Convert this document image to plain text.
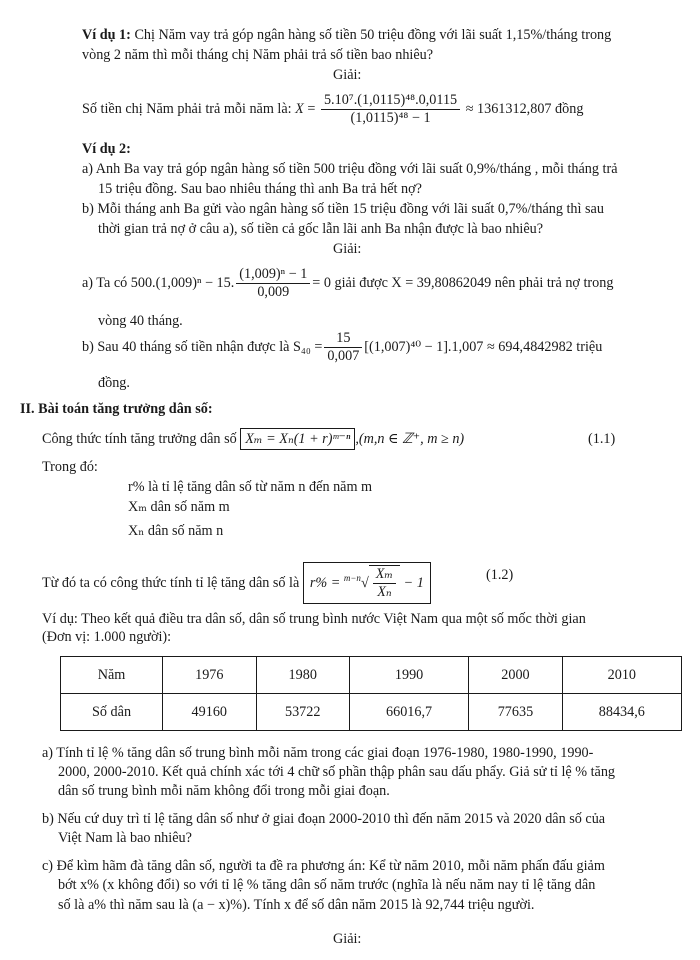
Ví dụ 1: Chị Năm vay trả góp ngân hàng số tiền 50 triệu đồng với lãi suất 1,15%/tháng trong
vòng 2 năm thì mỗi tháng chị Năm phải trả số tiền bao nhiêu?
Giải:
Số tiền chị Năm phải trả mỗi năm là: $X = \frac{\text{5.10⁷.(1,0115)⁴⁸.0,0115}}{\text{(1,0115)⁴⁸ − 1}} \approx 1361312,807$ đồng
Ví dụ 2:
a) Anh Ba vay trả góp ngân hàng số tiền 500 triệu đồng với lãi suất 0,9%/tháng , mỗi tháng trả
15 triệu đồng. Sau bao nhiêu tháng thì anh Ba trả hết nợ?
b) Mỗi tháng anh Ba gửi vào ngân hàng số tiền 15 triệu đồng với lãi suất 0,7%/tháng thì sau
thời gian trả nợ ở câu a), số tiền cả gốc lẫn lãi anh Ba nhận được là bao nhiêu?
Giải:
a) Ta có 500.(1,009)ⁿ − 15. $\frac{\text{(1,009)ⁿ − 1}}{0,009} = 0$ giải được X = 39,80862049 nên phải trả nợ trong
vòng 40 tháng.
b) Sau 40 tháng số tiền nhận được là $S_{40} = \frac{15}{0,007} [(1,007)^{40} - 1].1,007 \approx 694,4842982$ triệu
đồng.
II. Bài toán tăng trưởng dân số:
Công thức tính tăng trưởng dân số Xₘ = Xₙ(1 + r)ᵐ⁻ⁿ ,(m,n ∈ ℤ⁺, m ≥ n)	(1.1)
Trong đó:
r% là tỉ lệ tăng dân số từ năm n đến năm m
Xₘ dân số năm m
Xₙ dân số năm n
Từ đó ta có công thức tính tỉ lệ tăng dân số là $r\% = ^{m-n}√ \frac{\text{Xₘ}}{\text{Xₙ}} - 1$	(1.2)
Ví dụ: Theo kết quả điều tra dân số, dân số trung bình nước Việt Nam qua một số mốc thời gian
(Đơn vị: 1.000 người):
Năm	1976	1980	1990	2000	2010
Số dân	49160	53722	66016,7	77635	88434,6
a) Tính tỉ lệ % tăng dân số trung bình mỗi năm trong các giai đoạn 1976-1980, 1980-1990, 1990-
2000, 2000-2010. Kết quả chính xác tới 4 chữ số phần thập phân sau dấu phẩy. Giả sử tỉ lệ % tăng
dân số trung bình mỗi năm không đổi trong mỗi giai đoạn.
b) Nếu cứ duy trì tỉ lệ tăng dân số như ở giai đoạn 2000-2010 thì đến năm 2015 và 2020 dân số của
Việt Nam là bao nhiêu?
c) Để kìm hãm đà tăng dân số, người ta đề ra phương án: Kể từ năm 2010, mỗi năm phấn đấu giảm
bớt x% (x không đổi) so với tỉ lệ % tăng dân số năm trước (nghĩa là nếu năm nay tỉ lệ tăng dân
số là a% thì năm sau là (a − x)%). Tính x để số dân năm 2015 là 92,744 triệu người.
Giải:
